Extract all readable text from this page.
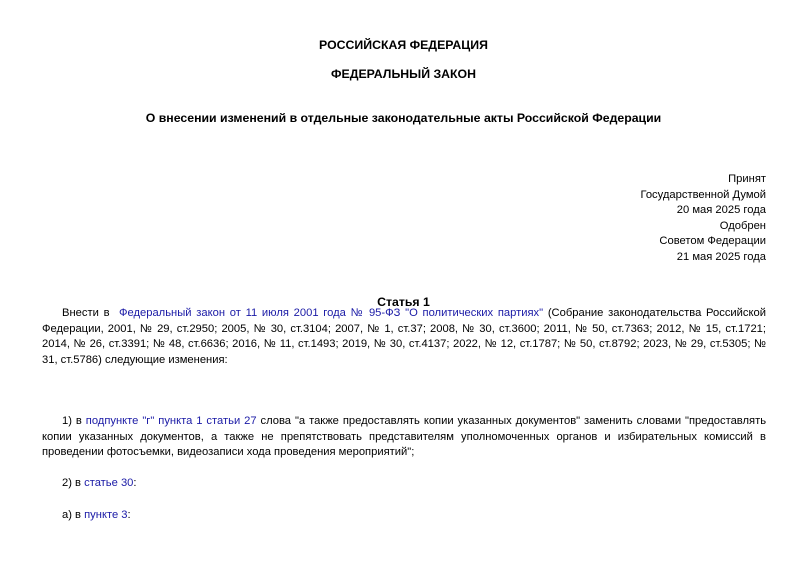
РОССИЙСКАЯ ФЕДЕРАЦИЯ
ФЕДЕРАЛЬНЫЙ ЗАКОН
О внесении изменений в отдельные законодательные акты Российской Федерации
Принят
Государственной Думой
20 мая 2025 года
Одобрен
Советом Федерации
21 мая 2025 года
Статья 1
Внести в Федеральный закон от 11 июля 2001 года № 95-ФЗ "О политических партиях" (Собрание законодательства Российской Федерации, 2001, № 29, ст.2950; 2005, № 30, ст.3104; 2007, № 1, ст.37; 2008, № 30, ст.3600; 2011, № 50, ст.7363; 2012, № 15, ст.1721; 2014, № 26, ст.3391; № 48, ст.6636; 2016, № 11, ст.1493; 2019, № 30, ст.4137; 2022, № 12, ст.1787; № 50, ст.8792; 2023, № 29, ст.5305; № 31, ст.5786) следующие изменения:
1) в подпункте "г" пункта 1 статьи 27 слова "а также предоставлять копии указанных документов" заменить словами "предоставлять копии указанных документов, а также не препятствовать представителям уполномоченных органов и избирательных комиссий в проведении фотосъемки, видеозаписи хода проведения мероприятий";
2) в статье 30:
а) в пункте 3:
